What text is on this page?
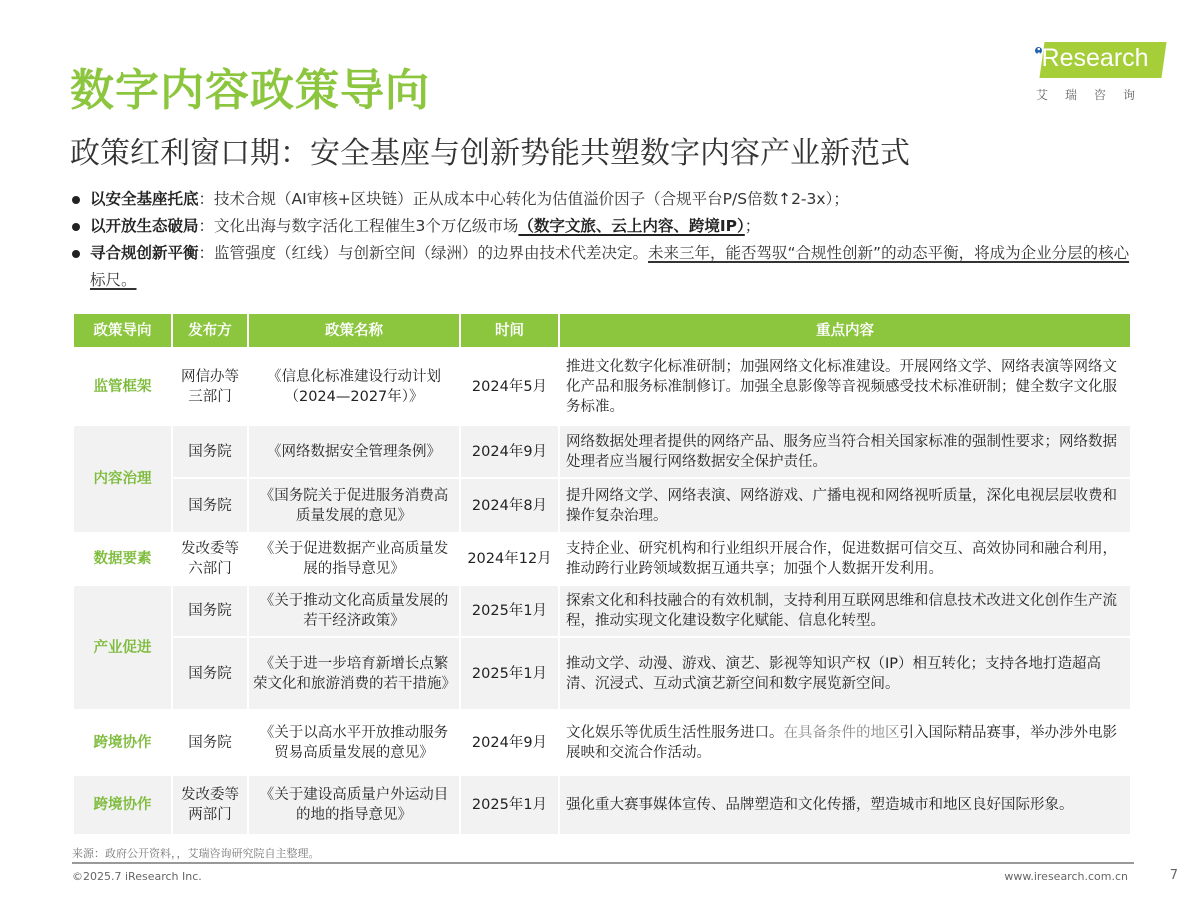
数字内容政策导向
政策红利窗口期：安全基座与创新势能共塑数字内容产业新范式
iResearch
艾瑞咨询
以安全基座托底：技术合规（AI审核+区块链）正从成本中心转化为估值溢价因子（合规平台P/S倍数↑2-3x）；
以开放生态破局：文化出海与数字活化工程催生3个万亿级市场（数字文旅、云上内容、跨境IP）；
寻合规创新平衡：监管强度（红线）与创新空间（绿洲）的边界由技术代差决定。未来三年，能否驾驭“合规性创新”的动态平衡，将成为企业分层的核心标尺。
政策导向	发布方	政策名称	时间	重点内容
监管框架	网信办等三部门	《信息化标准建设行动计划（2024—2027年）》	2024年5月	推进文化数字化标准研制；加强网络文化标准建设。开展网络文学、网络表演等网络文化产品和服务标准制修订。加强全息影像等音视频感受技术标准研制；健全数字文化服务标准。
内容治理	国务院	《网络数据安全管理条例》	2024年9月	网络数据处理者提供的网络产品、服务应当符合相关国家标准的强制性要求；网络数据处理者应当履行网络数据安全保护责任。
	国务院	《国务院关于促进服务消费高质量发展的意见》	2024年8月	提升网络文学、网络表演、网络游戏、广播电视和网络视听质量，深化电视层层收费和操作复杂治理。
数据要素	发改委等六部门	《关于促进数据产业高质量发展的指导意见》	2024年12月	支持企业、研究机构和行业组织开展合作，促进数据可信交互、高效协同和融合利用，推动跨行业跨领域数据互通共享；加强个人数据开发利用。
产业促进	国务院	《关于推动文化高质量发展的若干经济政策》	2025年1月	探索文化和科技融合的有效机制，支持利用互联网思维和信息技术改进文化创作生产流程，推动实现文化建设数字化赋能、信息化转型。
	国务院	《关于进一步培育新增长点繁荣文化和旅游消费的若干措施》	2025年1月	推动文学、动漫、游戏、演艺、影视等知识产权（IP）相互转化；支持各地打造超高清、沉浸式、互动式演艺新空间和数字展览新空间。
跨境协作	国务院	《关于以高水平开放推动服务贸易高质量发展的意见》	2024年9月	文化娱乐等优质生活性服务进口。在具备条件的地区引入国际精品赛事，举办涉外电影展映和交流合作活动。
跨境协作	发改委等两部门	《关于建设高质量户外运动目的地的指导意见》	2025年1月	强化重大赛事媒体宣传、品牌塑造和文化传播，塑造城市和地区良好国际形象。
来源：政府公开资料，，艾瑞咨询研究院自主整理。
©2025.7 iResearch Inc.	www.iresearch.com.cn	7
